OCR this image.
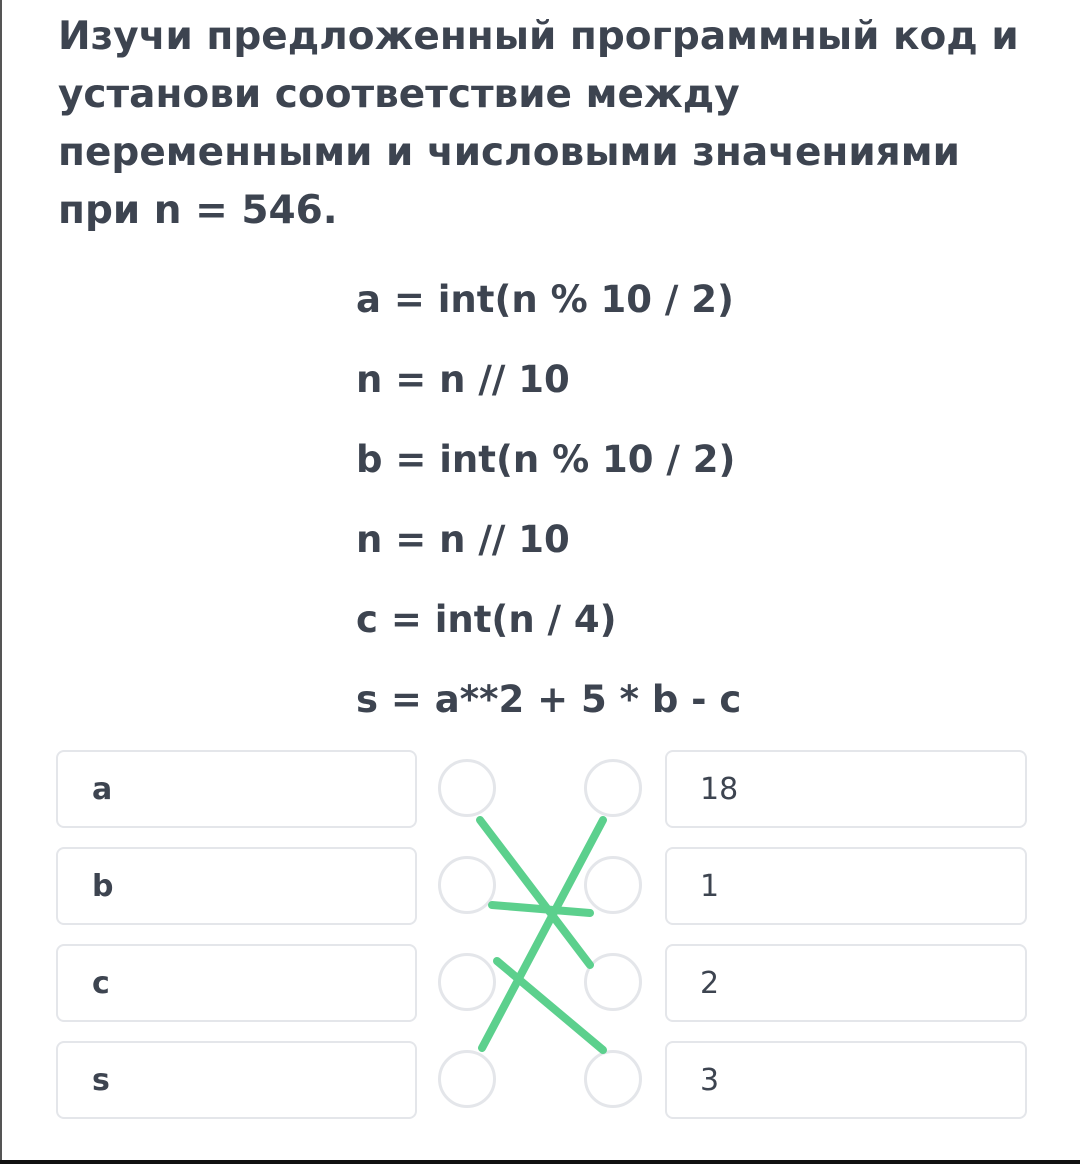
Изучи предложенный программный код и установи соответствие между переменными и числовыми значениями при n = 546.

a = int(n % 10 / 2)
n = n // 10
b = int(n % 10 / 2)
n = n // 10
c = int(n / 4)
s = a**2 + 5 * b - c
a
b
c
s
18
1
2
3
